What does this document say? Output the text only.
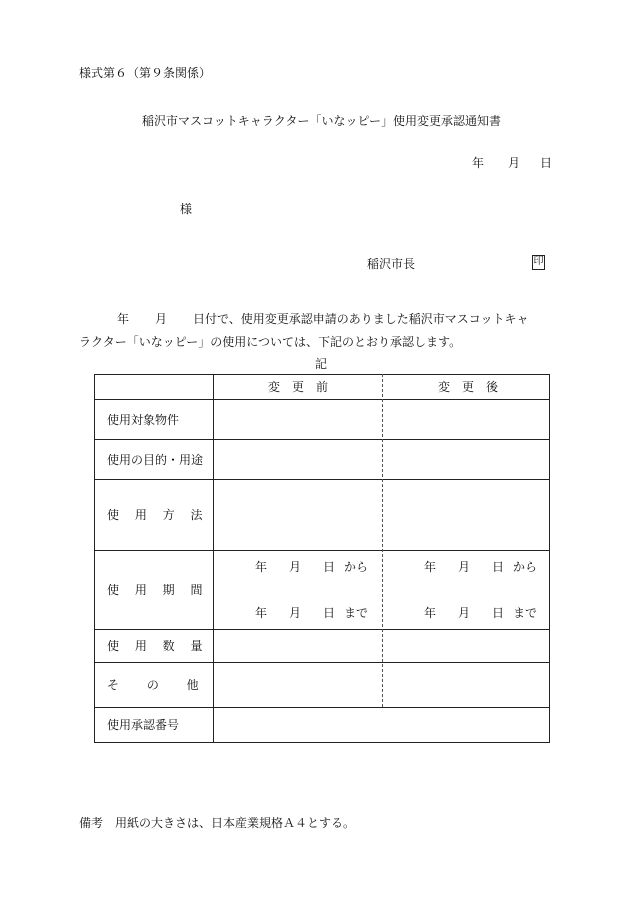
様式第６（第９条関係）
稲沢市マスコットキャラクター「いなッピー」使用変更承認通知書
年 月 日
様
稲沢市長	印
年 月 日付で、使用変更承認申請のありました稲沢市マスコットキャ
ラクター「いなッピー」の使用については、下記のとおり承認します。
記
変　更　前	変　更　後
使用対象物件
使用の目的・用途
使　 用　 方　 法
使　 用　 期　 間
使　 用　 数　 量
そ　　 の　　 他
使用承認番号
年 月 日 から
年 月 日 まで
年 月 日 から
年 月 日 まで
備考　用紙の大きさは、日本産業規格Ａ４とする。
